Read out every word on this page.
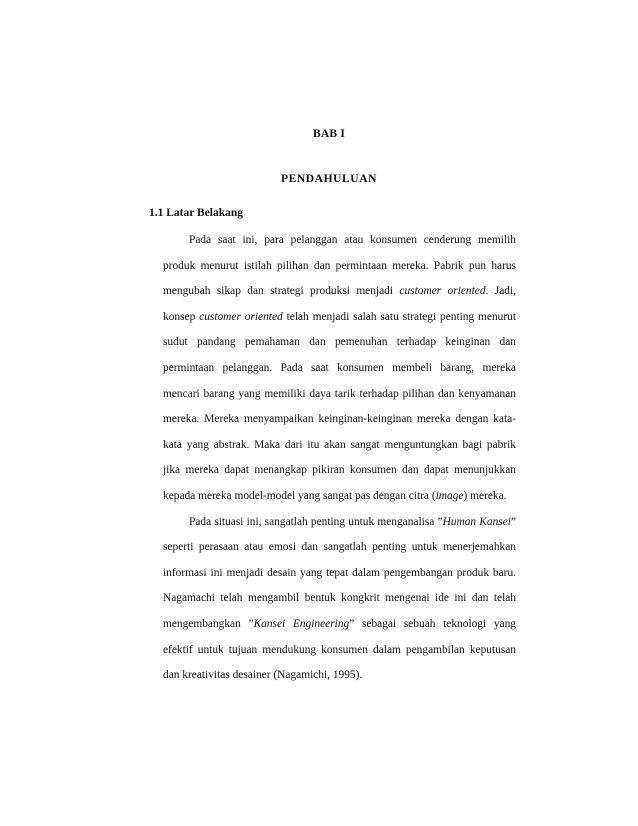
BAB I
PENDAHULUAN
1.1 Latar Belakang

Pada saat ini, para pelanggan atau konsumen cenderung memilih produk menurut istilah pilihan dan permintaan mereka. Pabrik pun harus mengubah sikap dan strategi produksi menjadi customer oriented. Jadi, konsep customer oriented telah menjadi salah satu strategi penting menurut sudut pandang pemahaman dan pemenuhan terhadap keinginan dan permintaan pelanggan. Pada saat konsumen membeli barang, mereka mencari barang yang memiliki daya tarik terhadap pilihan dan kenyamanan mereka. Mereka menyampaikan keinginan-keinginan mereka dengan kata-kata yang abstrak. Maka dari itu akan sangat menguntungkan bagi pabrik jika mereka dapat menangkap pikiran konsumen dan dapat menunjukkan kepada mereka model-model yang sangat pas dengan citra (image) mereka.

Pada situasi ini, sangatlah penting untuk menganalisa ”Human Kansei” seperti perasaan atau emosi dan sangatlah penting untuk menerjemahkan informasi ini menjadi desain yang tepat dalam pengembangan produk baru. Nagamachi telah mengambil bentuk kongkrit mengenai ide ini dan telah mengembangkan ”Kansei Engineering” sebagai sebuah teknologi yang efektif untuk tujuan mendukung konsumen dalam pengambilan keputusan dan kreativitas desainer (Nagamichi, 1995).
